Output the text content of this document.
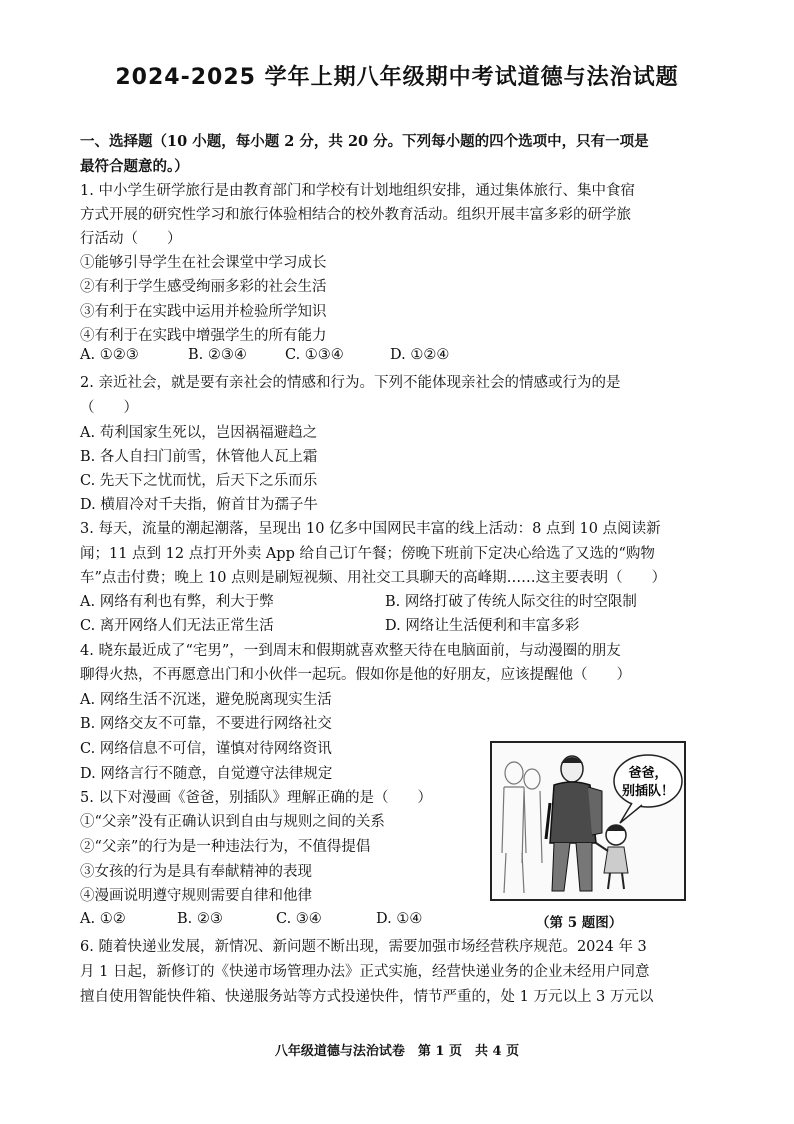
2024-2025 学年上期八年级期中考试道德与法治试题
一、选择题（10 小题，每小题 2 分，共 20 分。下列每小题的四个选项中，只有一项是
最符合题意的。）
1. 中小学生研学旅行是由教育部门和学校有计划地组织安排，通过集体旅行、集中食宿
方式开展的研究性学习和旅行体验相结合的校外教育活动。组织开展丰富多彩的研学旅
行活动（　　）
①能够引导学生在社会课堂中学习成长
②有利于学生感受绚丽多彩的社会生活
③有利于在实践中运用并检验所学知识
④有利于在实践中增强学生的所有能力
A. ①②③	B. ②③④	C. ①③④	D. ①②④
2. 亲近社会，就是要有亲社会的情感和行为。下列不能体现亲社会的情感或行为的是
（　　）
A. 苟利国家生死以，岂因祸福避趋之
B. 各人自扫门前雪，休管他人瓦上霜
C. 先天下之忧而忧，后天下之乐而乐
D. 横眉冷对千夫指，俯首甘为孺子牛
3. 每天，流量的潮起潮落，呈现出 10 亿多中国网民丰富的线上活动：8 点到 10 点阅读新
闻；11 点到 12 点打开外卖 App 给自己订午餐；傍晚下班前下定决心给选了又选的“购物
车”点击付费；晚上 10 点则是刷短视频、用社交工具聊天的高峰期……这主要表明（　　）
A. 网络有利也有弊，利大于弊	B. 网络打破了传统人际交往的时空限制
C. 离开网络人们无法正常生活	D. 网络让生活便利和丰富多彩
4. 晓东最近成了“宅男”，一到周末和假期就喜欢整天待在电脑面前，与动漫圈的朋友
聊得火热，不再愿意出门和小伙伴一起玩。假如你是他的好朋友，应该提醒他（　　）
A. 网络生活不沉迷，避免脱离现实生活
B. 网络交友不可靠，不要进行网络社交
C. 网络信息不可信，谨慎对待网络资讯
D. 网络言行不随意，自觉遵守法律规定
5. 以下对漫画《爸爸，别插队》理解正确的是（　　）
①“父亲”没有正确认识到自由与规则之间的关系
②“父亲”的行为是一种违法行为，不值得提倡
③女孩的行为是具有奉献精神的表现
④漫画说明遵守规则需要自律和他律
A. ①②	B. ②③	C. ③④	D. ①④
爸爸，
别插队！
（第 5 题图）
6. 随着快递业发展，新情况、新问题不断出现，需要加强市场经营秩序规范。2024 年 3
月 1 日起，新修订的《快递市场管理办法》正式实施，经营快递业务的企业未经用户同意
擅自使用智能快件箱、快递服务站等方式投递快件，情节严重的，处 1 万元以上 3 万元以
八年级道德与法治试卷　第 1 页　共 4 页
